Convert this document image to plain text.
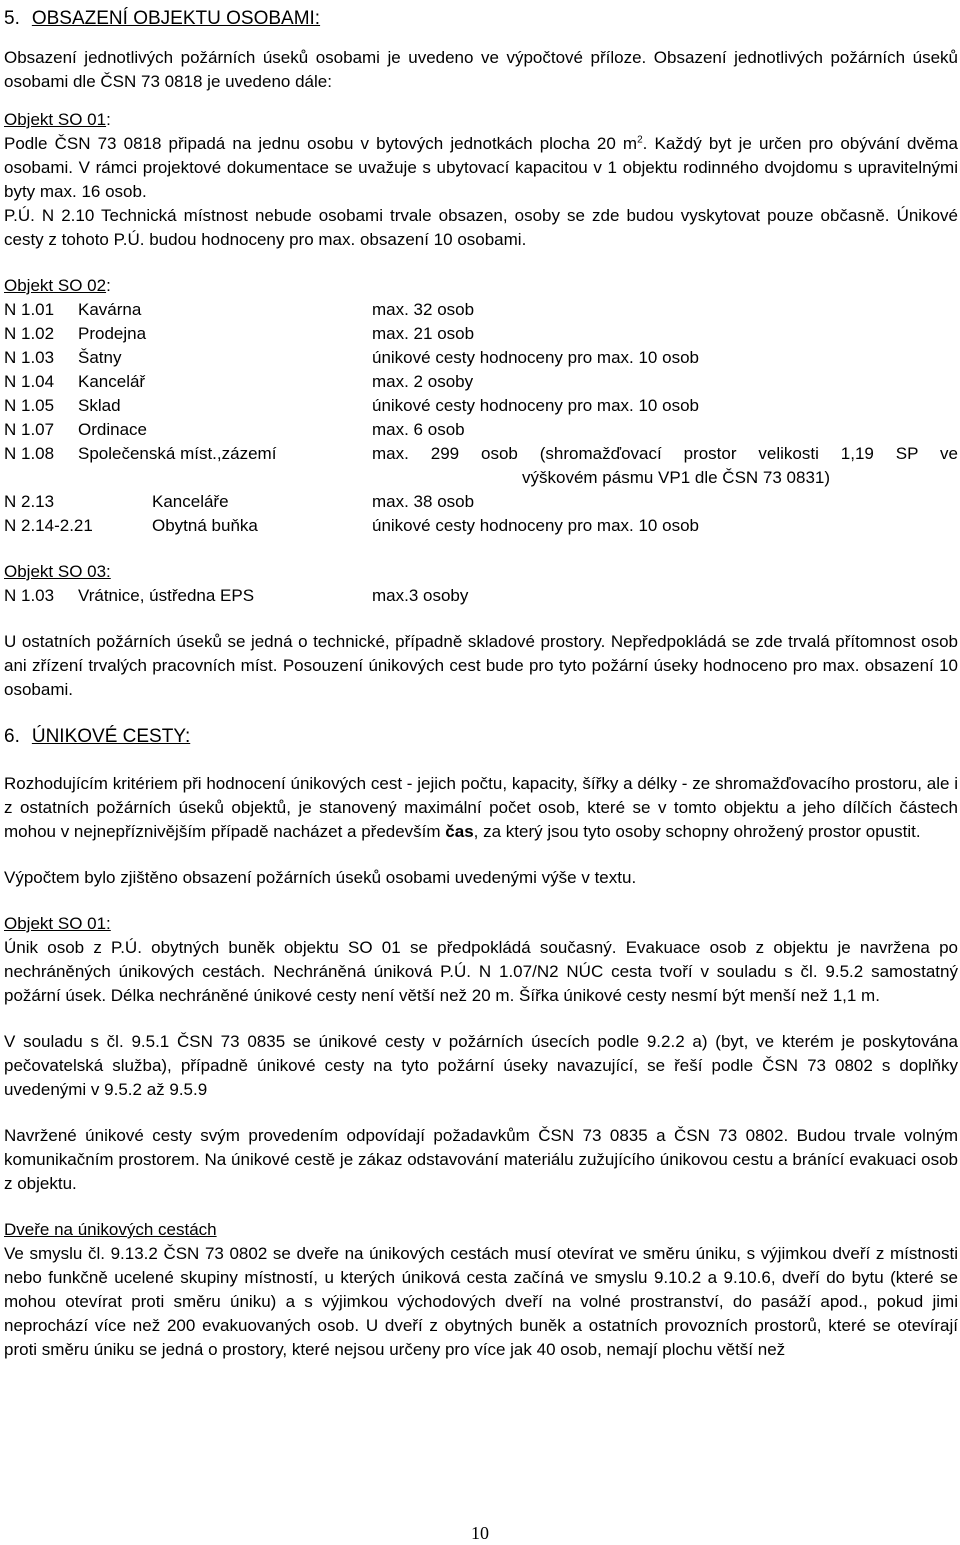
5. OBSAZENÍ OBJEKTU OSOBAMI:

Obsazení jednotlivých požárních úseků osobami je uvedeno ve výpočtové příloze. Obsazení jednotlivých požárních úseků osobami dle ČSN 73 0818 je uvedeno dále:

Objekt SO 01:

Podle ČSN 73 0818 připadá na jednu osobu v bytových jednotkách plocha 20 $m^2$. Každý byt je určen pro obývání dvěma osobami. V rámci projektové dokumentace se uvažuje s ubytovací kapacitou v 1 objektu rodinného dvojdomu s upravitelnými byty max. 16 osob.

P.Ú. N 2.10 Technická místnost nebude osobami trvale obsazen, osoby se zde budou vyskytovat pouze občasně. Únikové cesty z tohoto P.Ú. budou hodnoceny pro max. obsazení 10 osobami.

Objekt SO 02:
N 1.01	Kavárna	max. 32 osob
N 1.02	Prodejna	max. 21 osob
N 1.03	Šatny	únikové cesty hodnoceny pro max. 10 osob
N 1.04	Kancelář	max. 2 osoby
N 1.05	Sklad	únikové cesty hodnoceny pro max. 10 osob
N 1.07	Ordinace	max. 6 osob
N 1.08	Společenská míst.,zázemí	max. 299 osob (shromažďovací prostor velikosti 1,19 SP ve
výškovém pásmu VP1 dle ČSN 73 0831)
N 2.13	Kanceláře	max. 38 osob
N 2.14-2.21	Obytná buňka	únikové cesty hodnoceny pro max. 10 osob
Objekt SO 03:
N 1.03	Vrátnice, ústředna EPS	max.3 osoby

U ostatních požárních úseků se jedná o technické, případně skladové prostory. Nepředpokládá se zde trvalá přítomnost osob ani zřízení trvalých pracovních míst. Posouzení únikových cest bude pro tyto požární úseky hodnoceno pro max. obsazení 10 osobami.

6. ÚNIKOVÉ CESTY:

Rozhodujícím kritériem při hodnocení únikových cest - jejich počtu, kapacity, šířky a délky - ze shromažďovacího prostoru, ale i z ostatních požárních úseků objektů, je stanovený maximální počet osob, které se v tomto objektu a jeho dílčích částech mohou v nejnepříznivějším případě nacházet a především čas, za který jsou tyto osoby schopny ohrožený prostor opustit.

Výpočtem bylo zjištěno obsazení požárních úseků osobami uvedenými výše v textu.

Objekt SO 01:

Únik osob z P.Ú. obytných buněk objektu SO 01 se předpokládá současný. Evakuace osob z objektu je navržena po nechráněných únikových cestách. Nechráněná úniková P.Ú. N 1.07/N2 NÚC cesta tvoří v souladu s čl. 9.5.2 samostatný požární úsek. Délka nechráněné únikové cesty není větší než 20 m. Šířka únikové cesty nesmí být menší než 1,1 m.

V souladu s čl. 9.5.1 ČSN 73 0835 se únikové cesty v požárních úsecích podle 9.2.2 a) (byt, ve kterém je poskytována pečovatelská služba), případně únikové cesty na tyto požární úseky navazující, se řeší podle ČSN 73 0802 s doplňky uvedenými v 9.5.2 až 9.5.9

Navržené únikové cesty svým provedením odpovídají požadavkům ČSN 73 0835 a ČSN 73 0802. Budou trvale volným komunikačním prostorem. Na únikové cestě je zákaz odstavování materiálu zužujícího únikovou cestu a bránící evakuaci osob z objektu.

Dveře na únikových cestách

Ve smyslu čl. 9.13.2 ČSN 73 0802 se dveře na únikových cestách musí otevírat ve směru úniku, s výjimkou dveří z místnosti nebo funkčně ucelené skupiny místností, u kterých úniková cesta začíná ve smyslu 9.10.2 a 9.10.6, dveří do bytu (které se mohou otevírat proti směru úniku) a s výjimkou východových dveří na volné prostranství, do pasáží apod., pokud jimi neprochází více než 200 evakuovaných osob. U dveří z obytných buněk a ostatních provozních prostorů, které se otevírají proti směru úniku se jedná o prostory, které nejsou určeny pro více jak 40 osob, nemají plochu větší než

10
